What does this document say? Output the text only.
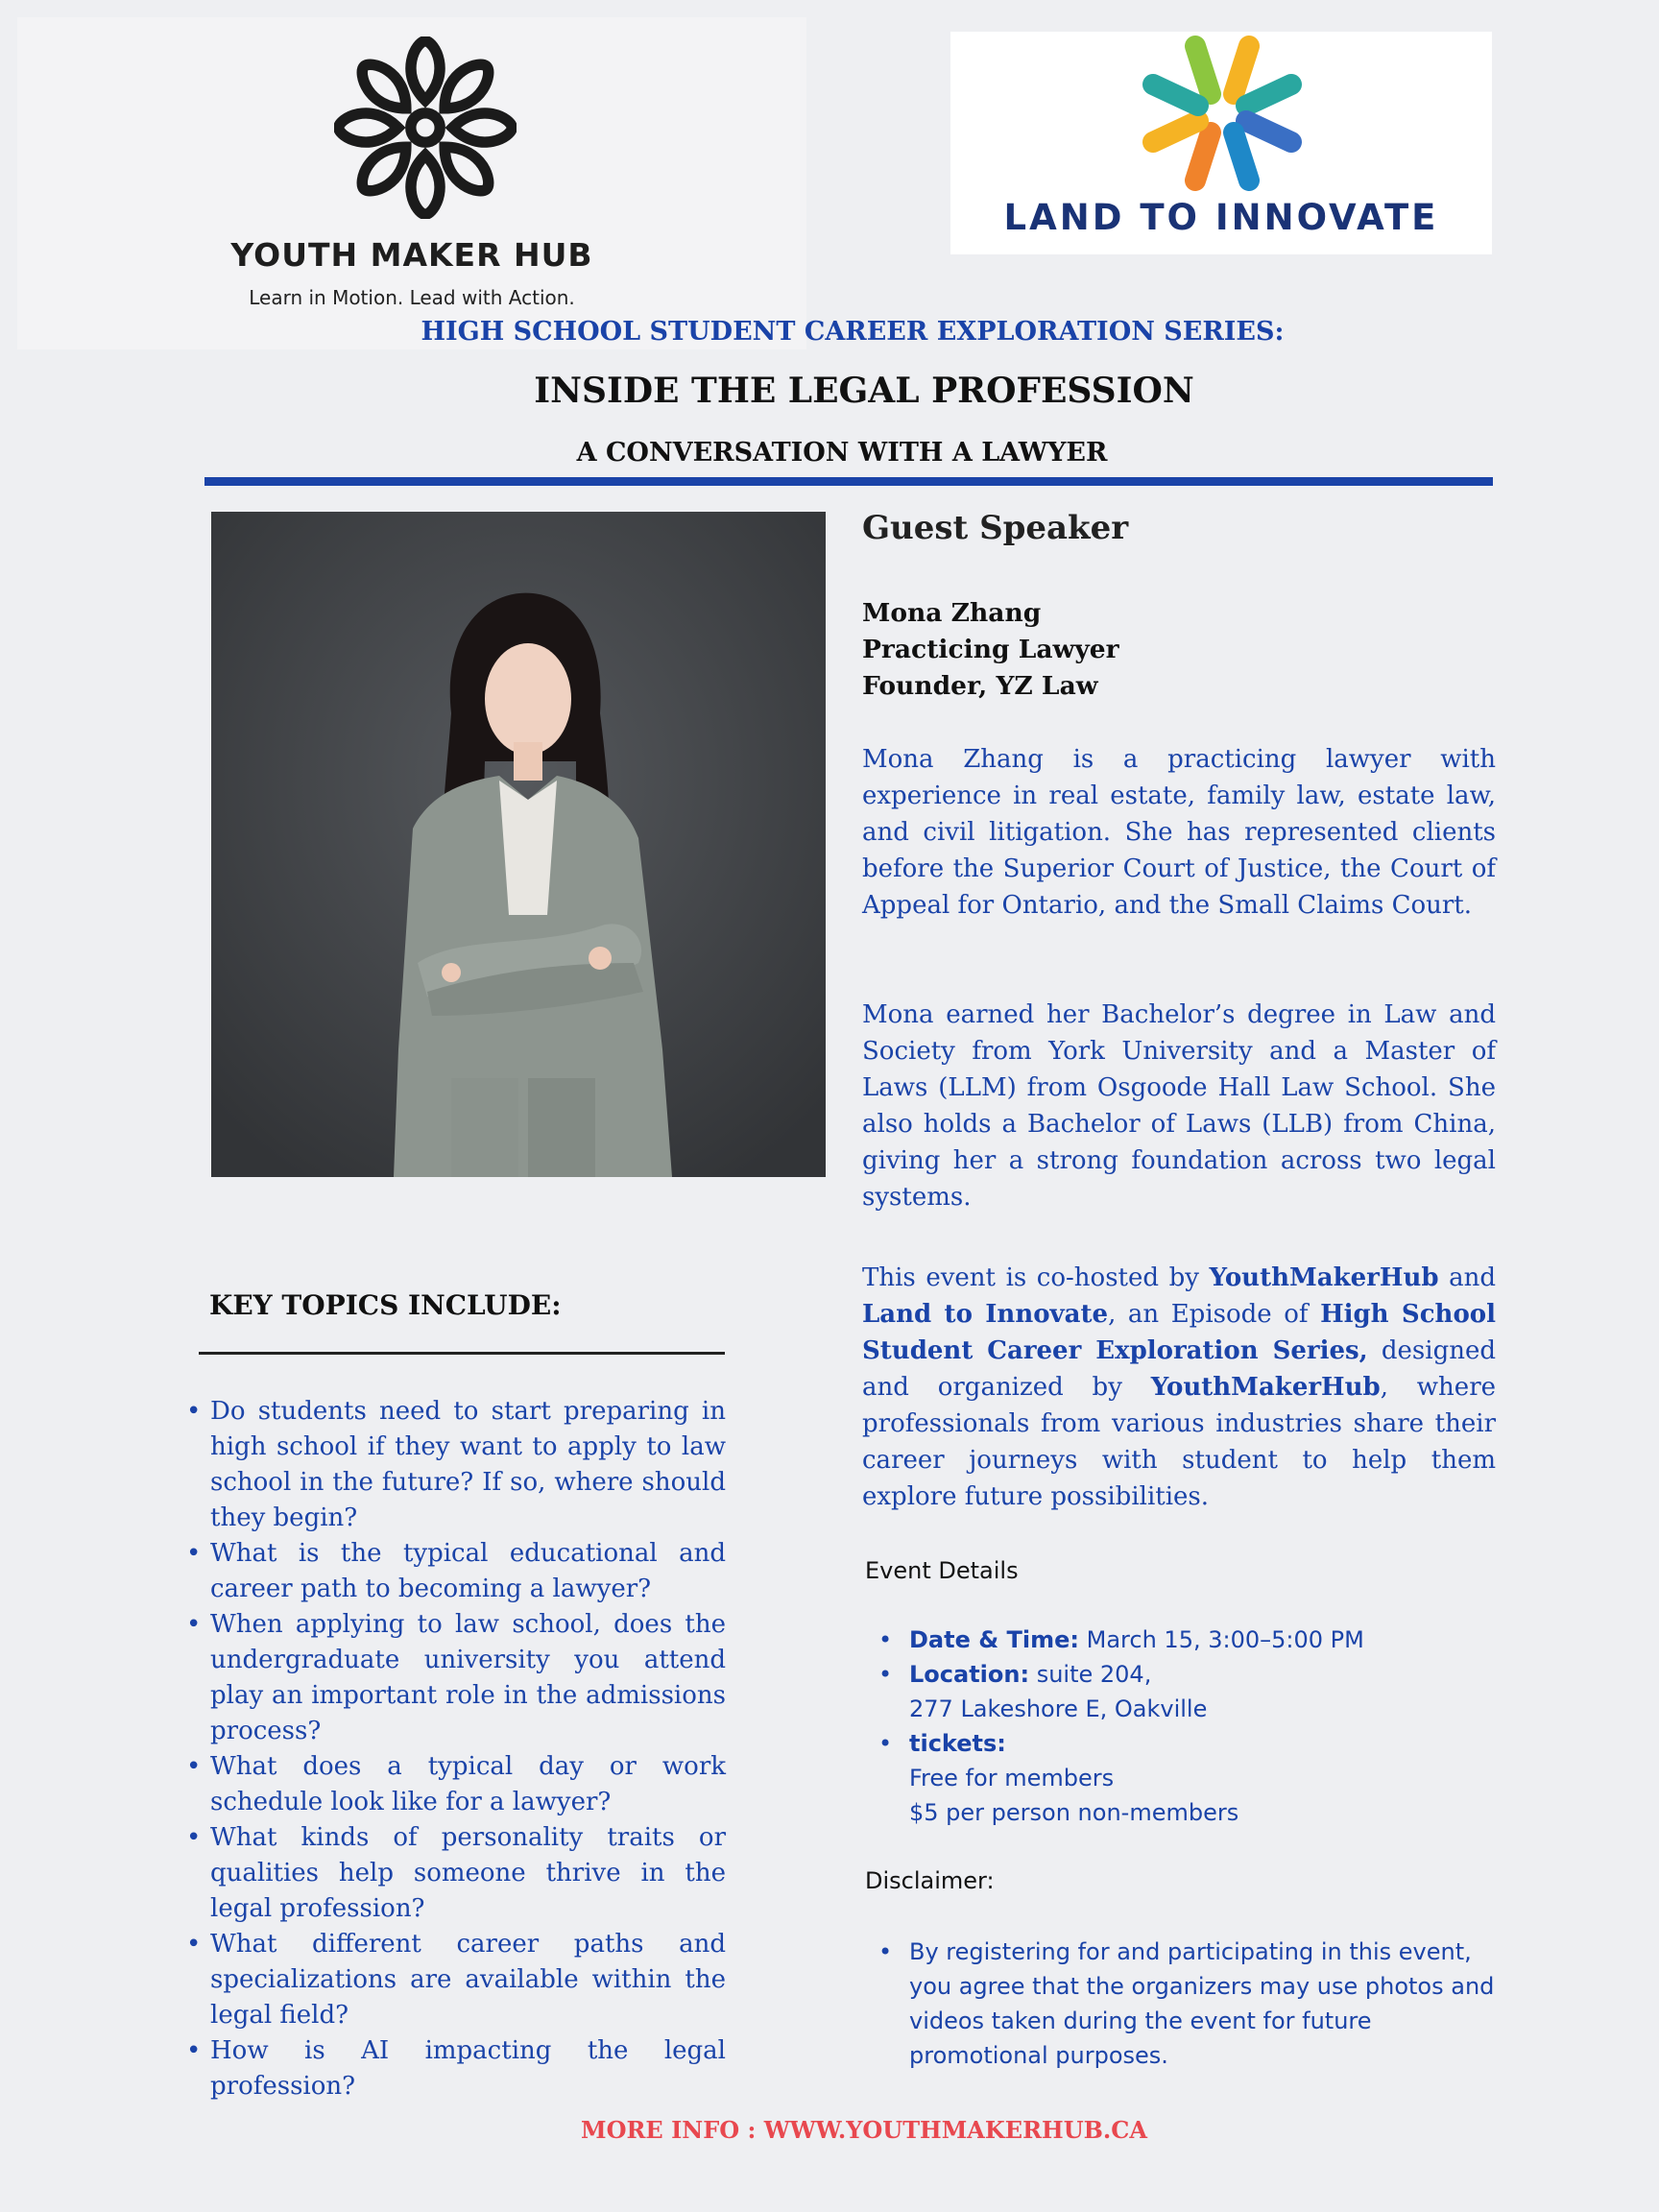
YOUTH MAKER HUB
Learn in Motion. Lead with Action.
LAND TO INNOVATE
HIGH SCHOOL STUDENT CAREER EXPLORATION SERIES:
INSIDE THE LEGAL PROFESSION
A CONVERSATION WITH A LAWYER
Guest Speaker
Mona Zhang
Practicing Lawyer
Founder, YZ Law
Mona Zhang is a practicing lawyer with experience in real estate, family law, estate law, and civil litigation. She has represented clients before the Superior Court of Justice, the Court of Appeal for Ontario, and the Small Claims Court.
Mona earned her Bachelor’s degree in Law and Society from York University and a Master of Laws (LLM) from Osgoode Hall Law School. She also holds a Bachelor of Laws (LLB) from China, giving her a strong foundation across two legal systems.
This event is co-hosted by YouthMakerHub and Land to Innovate, an Episode of High School Student Career Exploration Series, designed and organized by YouthMakerHub, where professionals from various industries share their career journeys with student to help them explore future possibilities.
Event Details
• Date & Time: March 15, 3:00–5:00 PM
• Location: suite 204,
277 Lakeshore E, Oakville
• tickets:
Free for members
$5 per person non-members
Disclaimer:
• By registering for and participating in this event, you agree that the organizers may use photos and videos taken during the event for future promotional purposes.
KEY TOPICS INCLUDE:
• Do students need to start preparing in high school if they want to apply to law school in the future? If so, where should they begin?
• What is the typical educational and career path to becoming a lawyer?
• When applying to law school, does the undergraduate university you attend play an important role in the admissions process?
• What does a typical day or work schedule look like for a lawyer?
• What kinds of personality traits or qualities help someone thrive in the legal profession?
• What different career paths and specializations are available within the legal field?
• How is AI impacting the legal profession?
MORE INFO : WWW.YOUTHMAKERHUB.CA
